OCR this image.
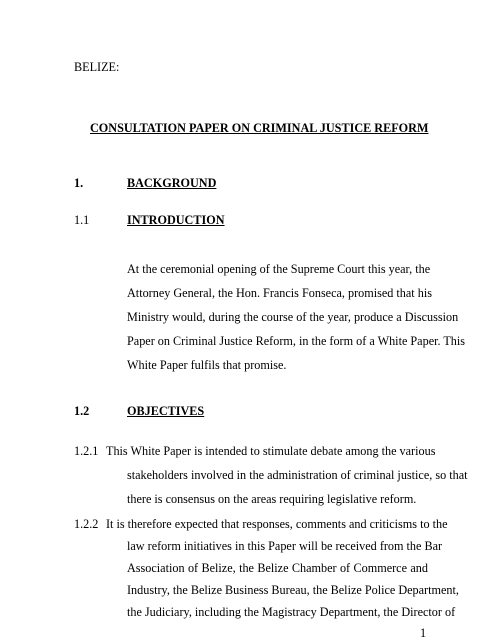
BELIZE:
CONSULTATION PAPER ON CRIMINAL JUSTICE REFORM
1.	BACKGROUND
1.1	INTRODUCTION
At the ceremonial opening of the Supreme Court this year, the
Attorney General, the Hon. Francis Fonseca, promised that his
Ministry would, during the course of the year, produce a Discussion
Paper on Criminal Justice Reform, in the form of a White Paper. This
White Paper fulfils that promise.
1.2	OBJECTIVES
1.2.1 This White Paper is intended to stimulate debate among the various
stakeholders involved in the administration of criminal justice, so that
there is consensus on the areas requiring legislative reform.
1.2.2 It is therefore expected that responses, comments and criticisms to the
law reform initiatives in this Paper will be received from the Bar
Association of Belize, the Belize Chamber of Commerce and
Industry, the Belize Business Bureau, the Belize Police Department,
1
the Judiciary, including the Magistracy Department, the Director of
